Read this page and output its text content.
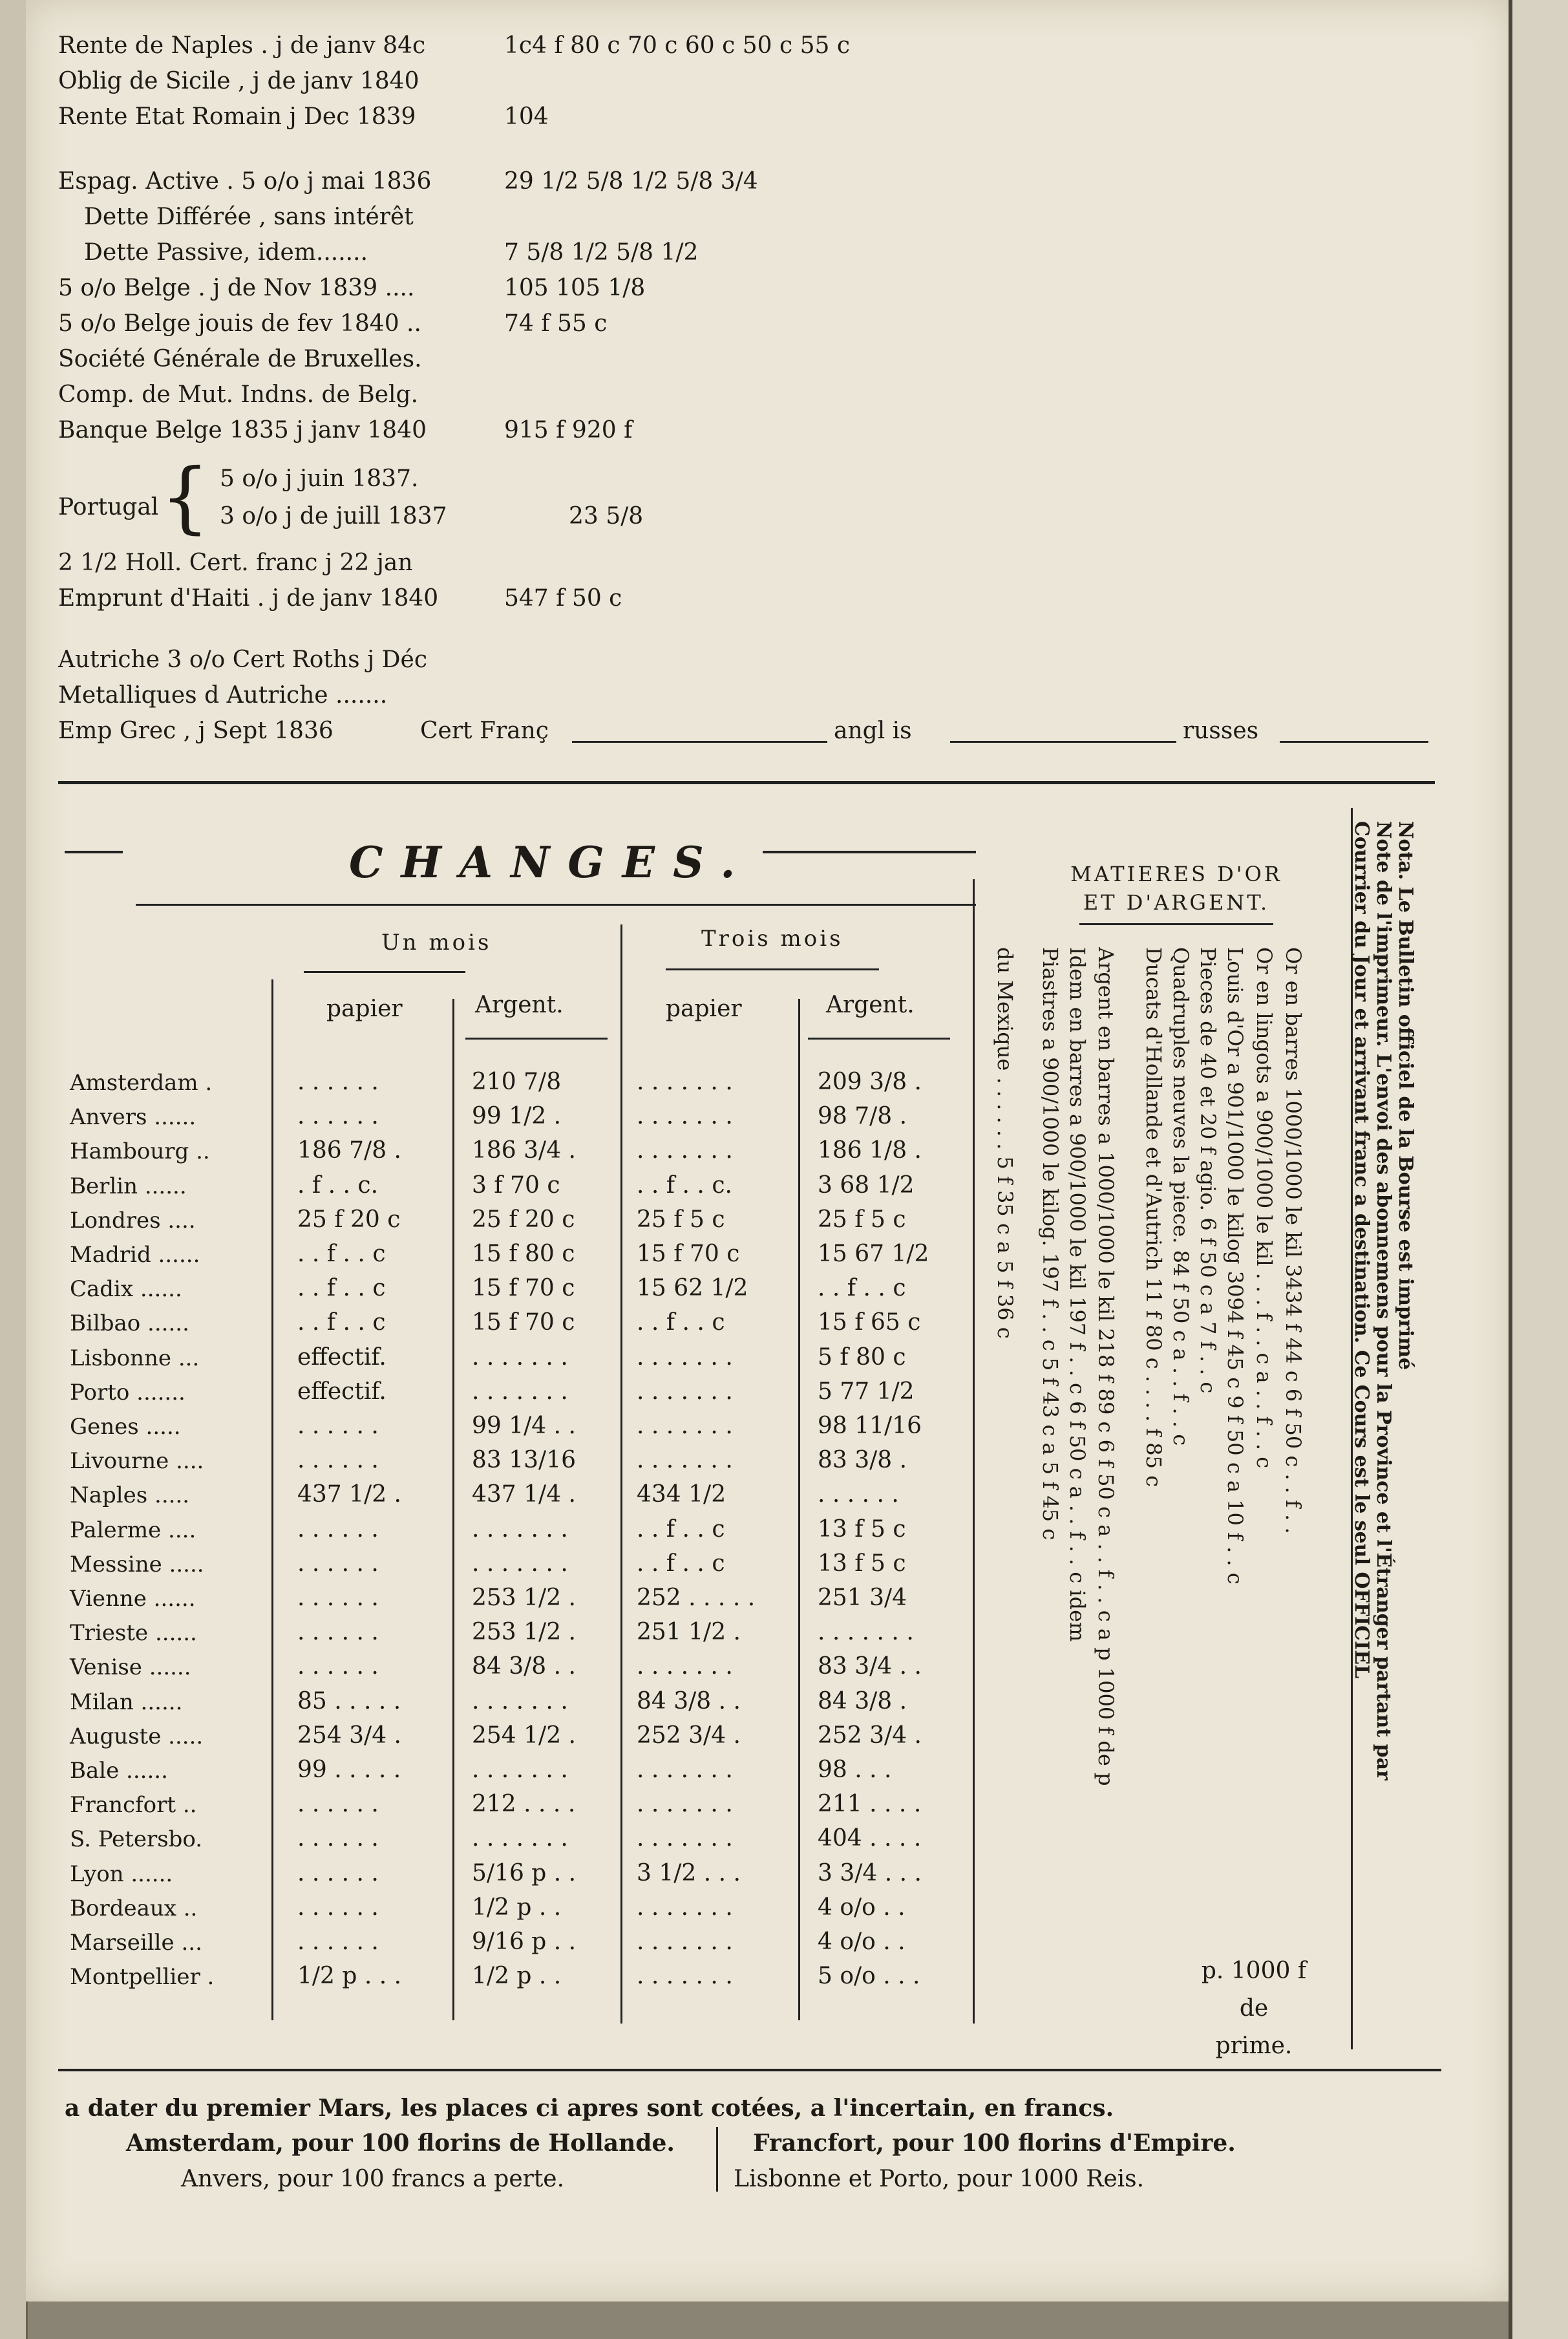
Rente de Naples . j de janv 84c	1c4 f 80 c 70 c 60 c 50 c 55 c
Oblig de Sicile , j de janv 1840
Rente Etat Romain j Dec 1839	104
Espag. Active . 5 o/o j mai 1836	29 1/2 5/8 1/2 5/8 3/4
Dette Différée , sans intérêt
Dette Passive, idem.......	7 5/8 1/2 5/8 1/2
5 o/o Belge . j de Nov 1839 ....	105 105 1/8
5 o/o Belge jouis de fev 1840 ..	74 f 55 c
Société Générale de Bruxelles.
Comp. de Mut. Indns. de Belg.
Banque Belge 1835 j janv 1840	915 f 920 f
Portugal { 5 o/o j juin 1837.
3 o/o j de juill 1837	23 5/8
2 1/2 Holl. Cert. franc j 22 jan
Emprunt d'Haiti . j de janv 1840	547 f 50 c
Autriche 3 o/o Cert Roths j Déc
Metalliques d Autriche .......
Emp Grec , j Sept 1836	Cert Franç	angl is	russes
CHANGES.
Un mois	Trois mois
papier	Argent.	papier	Argent.
Amsterdam .	. . . . . .	210 7/8	. . . . . . .	209 3/8 .
Anvers ......	. . . . . .	99 1/2 .	. . . . . . .	98 7/8 .
Hambourg ..	186 7/8 .	186 3/4 .	. . . . . . .	186 1/8 .
Berlin ......	. f . . c.	3 f 70 c	. . f . . c.	3 68 1/2
Londres ....	25 f 20 c	25 f 20 c	25 f 5 c	25 f 5 c
Madrid ......	. . f . . c	15 f 80 c	15 f 70 c	15 67 1/2
Cadix ......	. . f . . c	15 f 70 c	15 62 1/2	. . f . . c
Bilbao ......	. . f . . c	15 f 70 c	. . f . . c	15 f 65 c
Lisbonne ...	effectif.	. . . . . . .	. . . . . . .	5 f 80 c
Porto .......	effectif.	. . . . . . .	. . . . . . .	5 77 1/2
Genes .....	. . . . . .	99 1/4 . .	. . . . . . .	98 11/16
Livourne ....	. . . . . .	83 13/16	. . . . . . .	83 3/8 .
Naples .....	437 1/2 .	437 1/4 .	434 1/2	. . . . . .
Palerme ....	. . . . . .	. . . . . . .	. . f . . c	13 f 5 c
Messine .....	. . . . . .	. . . . . . .	. . f . . c	13 f 5 c
Vienne ......	. . . . . .	253 1/2 .	252 . . . . .	251 3/4
Trieste ......	. . . . . .	253 1/2 .	251 1/2 .	. . . . . . .
Venise ......	. . . . . .	84 3/8 . .	. . . . . . .	83 3/4 . .
Milan ......	85 . . . . .	. . . . . . .	84 3/8 . .	84 3/8 .
Auguste .....	254 3/4 .	254 1/2 .	252 3/4 .	252 3/4 .
Bale ......	99 . . . . .	. . . . . . .	. . . . . . .	98 . . .
Francfort ..	. . . . . .	212 . . . .	. . . . . . .	211 . . . .
S. Petersbo.	. . . . . .	. . . . . . .	. . . . . . .	404 . . . .
Lyon ......	. . . . . .	5/16 p . .	3 1/2 . . .	3 3/4 . . .
Bordeaux ..	. . . . . .	1/2 p . .	. . . . . . .	4 o/o . .
Marseille ...	. . . . . .	9/16 p . .	. . . . . . .	4 o/o . .
Montpellier .	1/2 p . . .	1/2 p . .	. . . . . . .	5 o/o . . .
MATIERES D'OR
ET D'ARGENT.
Or en barres 1000/1000 le kil 3434 f 44 c 6 f 50 c . . f . .
Or en lingots a 900/1000 le kil . . . f . . c a . . f . . c
Louis d'Or a 901/1000 le kilog 3094 f 45 c 9 f 50 c a 10 f . . c
Pieces de 40 et 20 f agio. 6 f 50 c a 7 f . . c
Quadruples neuves la piece. 84 f 50 c a . . f . . c
Ducats d'Hollande et d'Autrich 11 f 80 c . . . . f 85 c
Argent en barres a 1000/1000 le kil 218 f 89 c 6 f 50 c a . . f . . c a p 1000 f de p
Idem en barres a 900/1000 le kil 197 f . . c 6 f 50 c a . . f . . c idem
Piastres a 900/1000 le kilog. 197 f . . c 5 f 43 c a 5 f 45 c
du Mexique . . . . . . 5 f 35 c a 5 f 36 c
p. 1000 f
de
prime.
Nota. Le Bulletin officiel de la Bourse est imprimé
Note de l'imprimeur. L'envoi des abonnemens pour la Province et l'Étranger partant par
Courrier du Jour et arrivant franc a destination. Ce Cours est le seul OFFICIEL
a dater du premier Mars, les places ci apres sont cotées, a l'incertain, en francs.
Amsterdam, pour 100 florins de Hollande.
Anvers, pour 100 francs a perte.
Francfort, pour 100 florins d'Empire.
Lisbonne et Porto, pour 1000 Reis.
